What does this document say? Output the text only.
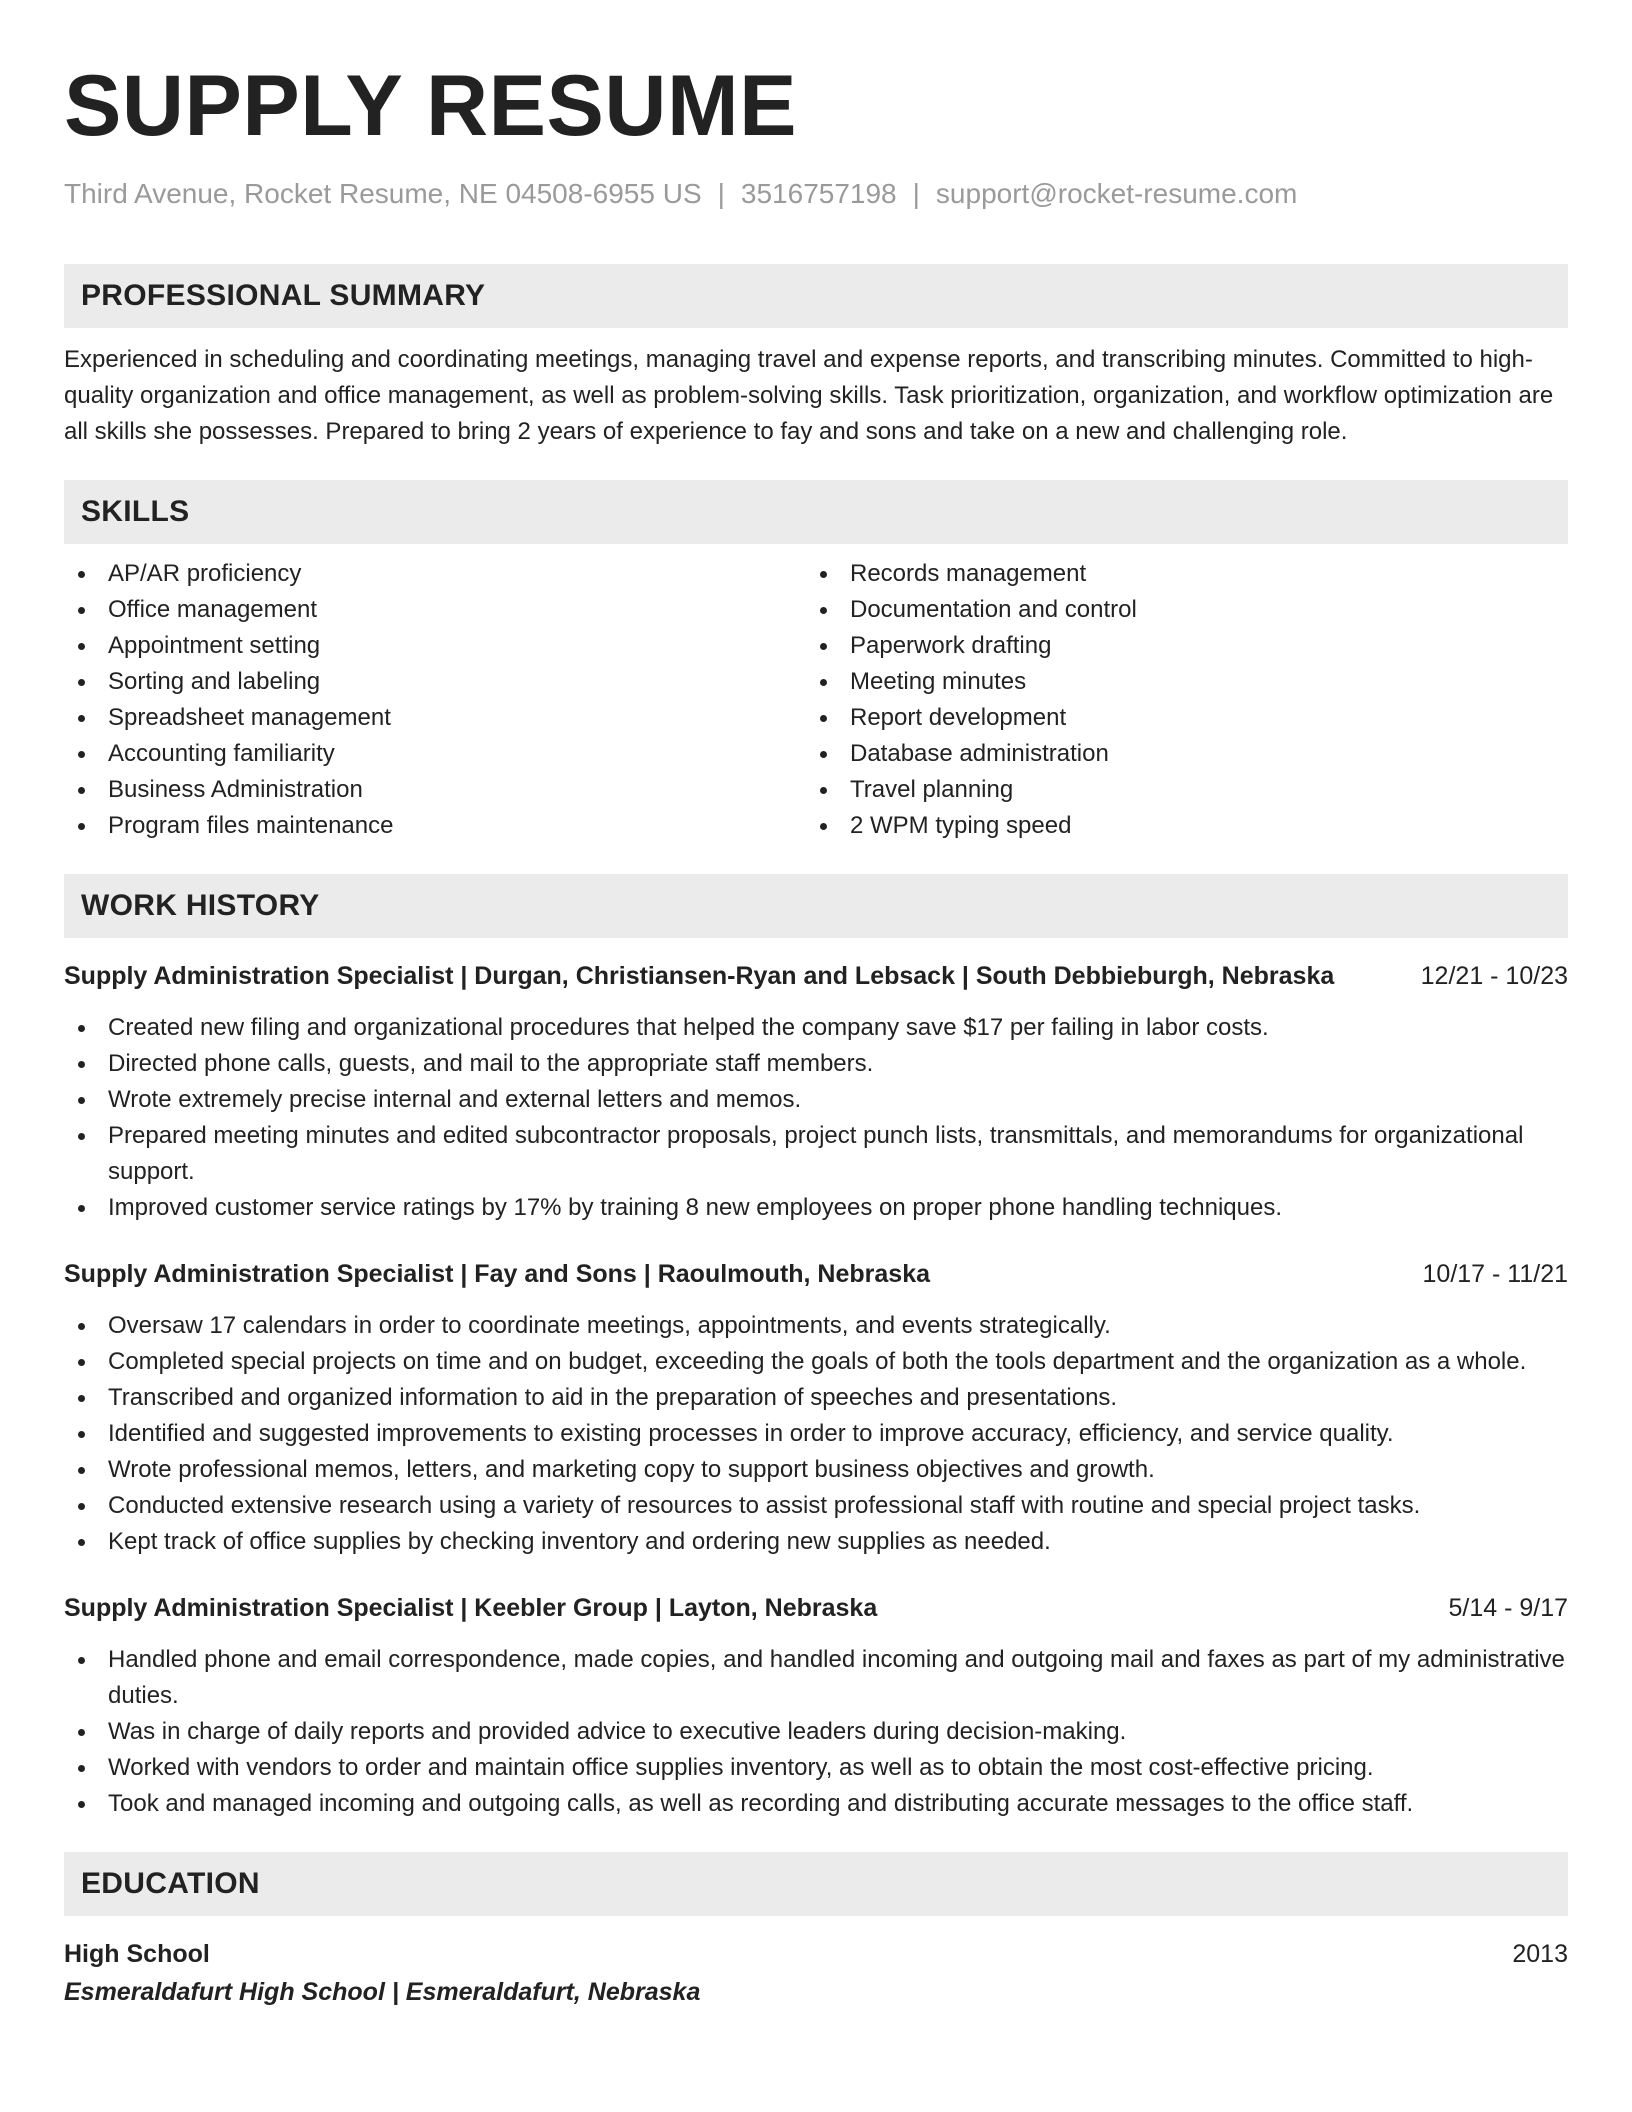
SUPPLY RESUME
Third Avenue, Rocket Resume, NE 04508-6955 US | 3516757198 | support@rocket-resume.com
PROFESSIONAL SUMMARY
Experienced in scheduling and coordinating meetings, managing travel and expense reports, and transcribing minutes. Committed to high-quality organization and office management, as well as problem-solving skills. Task prioritization, organization, and workflow optimization are all skills she possesses. Prepared to bring 2 years of experience to fay and sons and take on a new and challenging role.
SKILLS
AP/AR proficiency
Office management
Appointment setting
Sorting and labeling
Spreadsheet management
Accounting familiarity
Business Administration
Program files maintenance
Records management
Documentation and control
Paperwork drafting
Meeting minutes
Report development
Database administration
Travel planning
2 WPM typing speed
WORK HISTORY
Supply Administration Specialist | Durgan, Christiansen-Ryan and Lebsack | South Debbieburgh, Nebraska	12/21 - 10/23
Created new filing and organizational procedures that helped the company save $17 per failing in labor costs.
Directed phone calls, guests, and mail to the appropriate staff members.
Wrote extremely precise internal and external letters and memos.
Prepared meeting minutes and edited subcontractor proposals, project punch lists, transmittals, and memorandums for organizational support.
Improved customer service ratings by 17% by training 8 new employees on proper phone handling techniques.
Supply Administration Specialist | Fay and Sons | Raoulmouth, Nebraska	10/17 - 11/21
Oversaw 17 calendars in order to coordinate meetings, appointments, and events strategically.
Completed special projects on time and on budget, exceeding the goals of both the tools department and the organization as a whole.
Transcribed and organized information to aid in the preparation of speeches and presentations.
Identified and suggested improvements to existing processes in order to improve accuracy, efficiency, and service quality.
Wrote professional memos, letters, and marketing copy to support business objectives and growth.
Conducted extensive research using a variety of resources to assist professional staff with routine and special project tasks.
Kept track of office supplies by checking inventory and ordering new supplies as needed.
Supply Administration Specialist | Keebler Group | Layton, Nebraska	5/14 - 9/17
Handled phone and email correspondence, made copies, and handled incoming and outgoing mail and faxes as part of my administrative duties.
Was in charge of daily reports and provided advice to executive leaders during decision-making.
Worked with vendors to order and maintain office supplies inventory, as well as to obtain the most cost-effective pricing.
Took and managed incoming and outgoing calls, as well as recording and distributing accurate messages to the office staff.
EDUCATION
High School	2013
Esmeraldafurt High School | Esmeraldafurt, Nebraska
